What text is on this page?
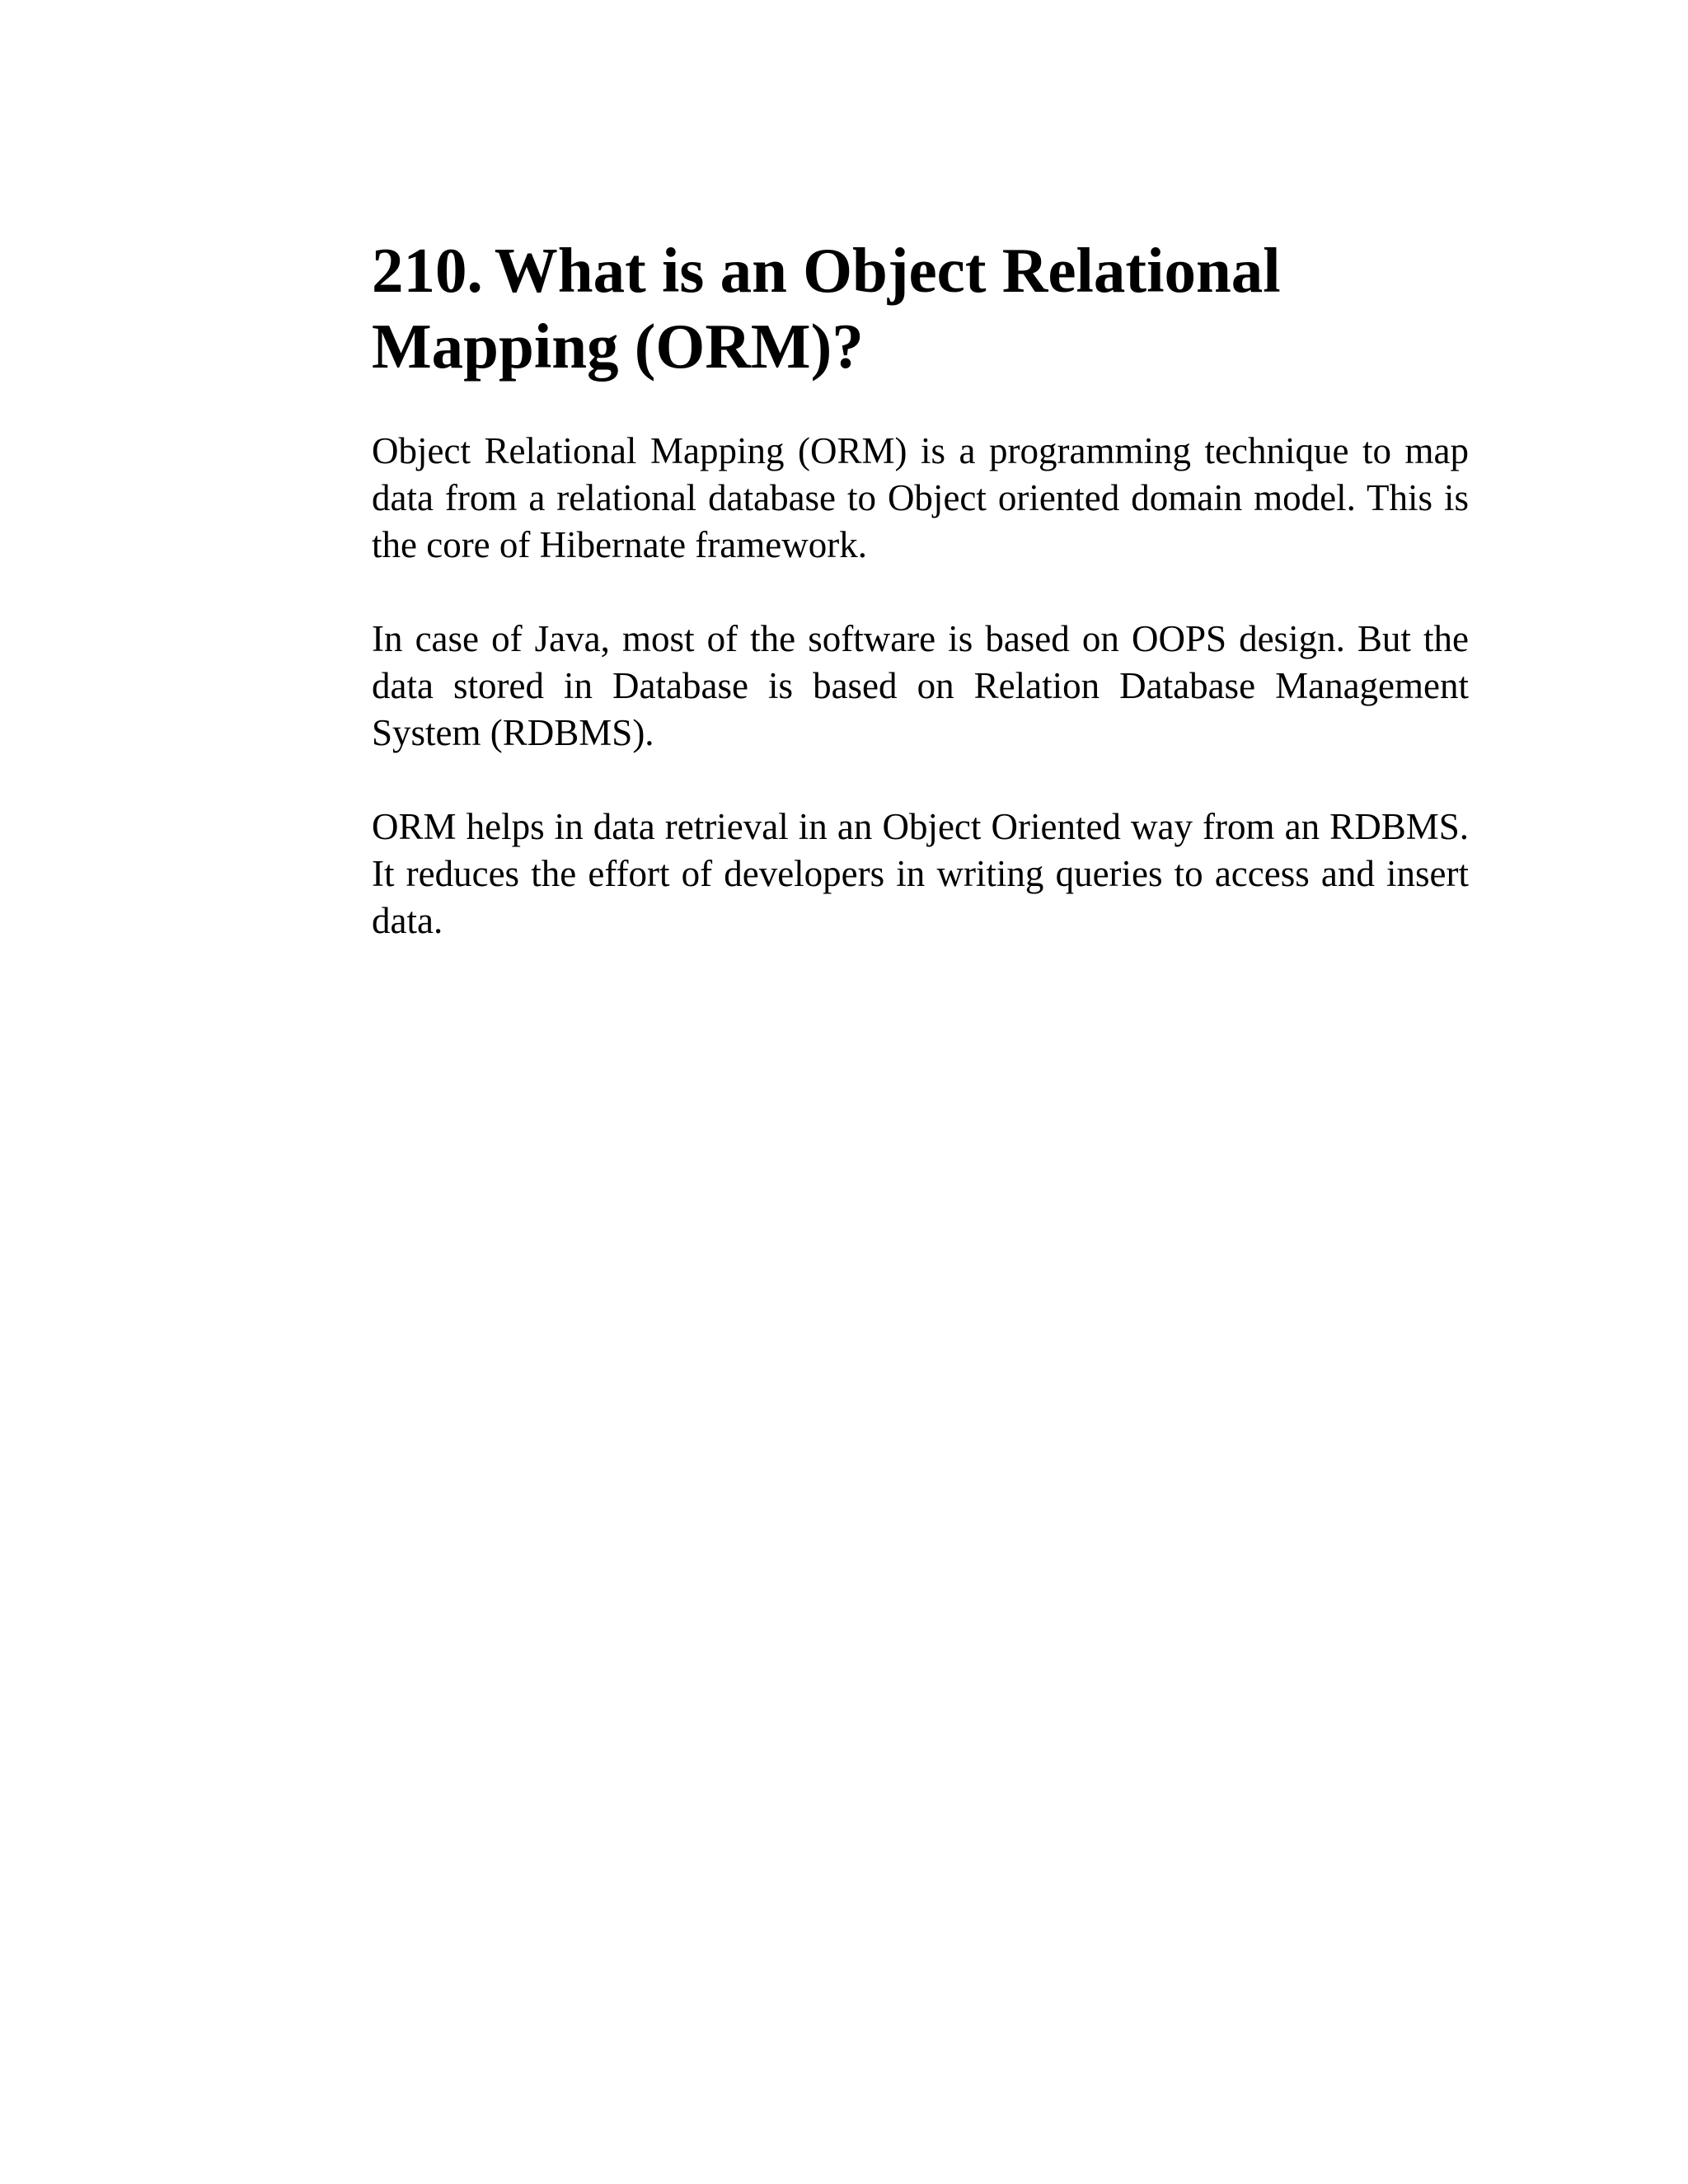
210. What is an Object Relational Mapping (ORM)?

Object Relational Mapping (ORM) is a programming technique to map data from a relational database to Object oriented domain model. This is the core of Hibernate framework.

In case of Java, most of the software is based on OOPS design. But the data stored in Database is based on Relation Database Management System (RDBMS).

ORM helps in data retrieval in an Object Oriented way from an RDBMS. It reduces the effort of developers in writing queries to access and insert data.
